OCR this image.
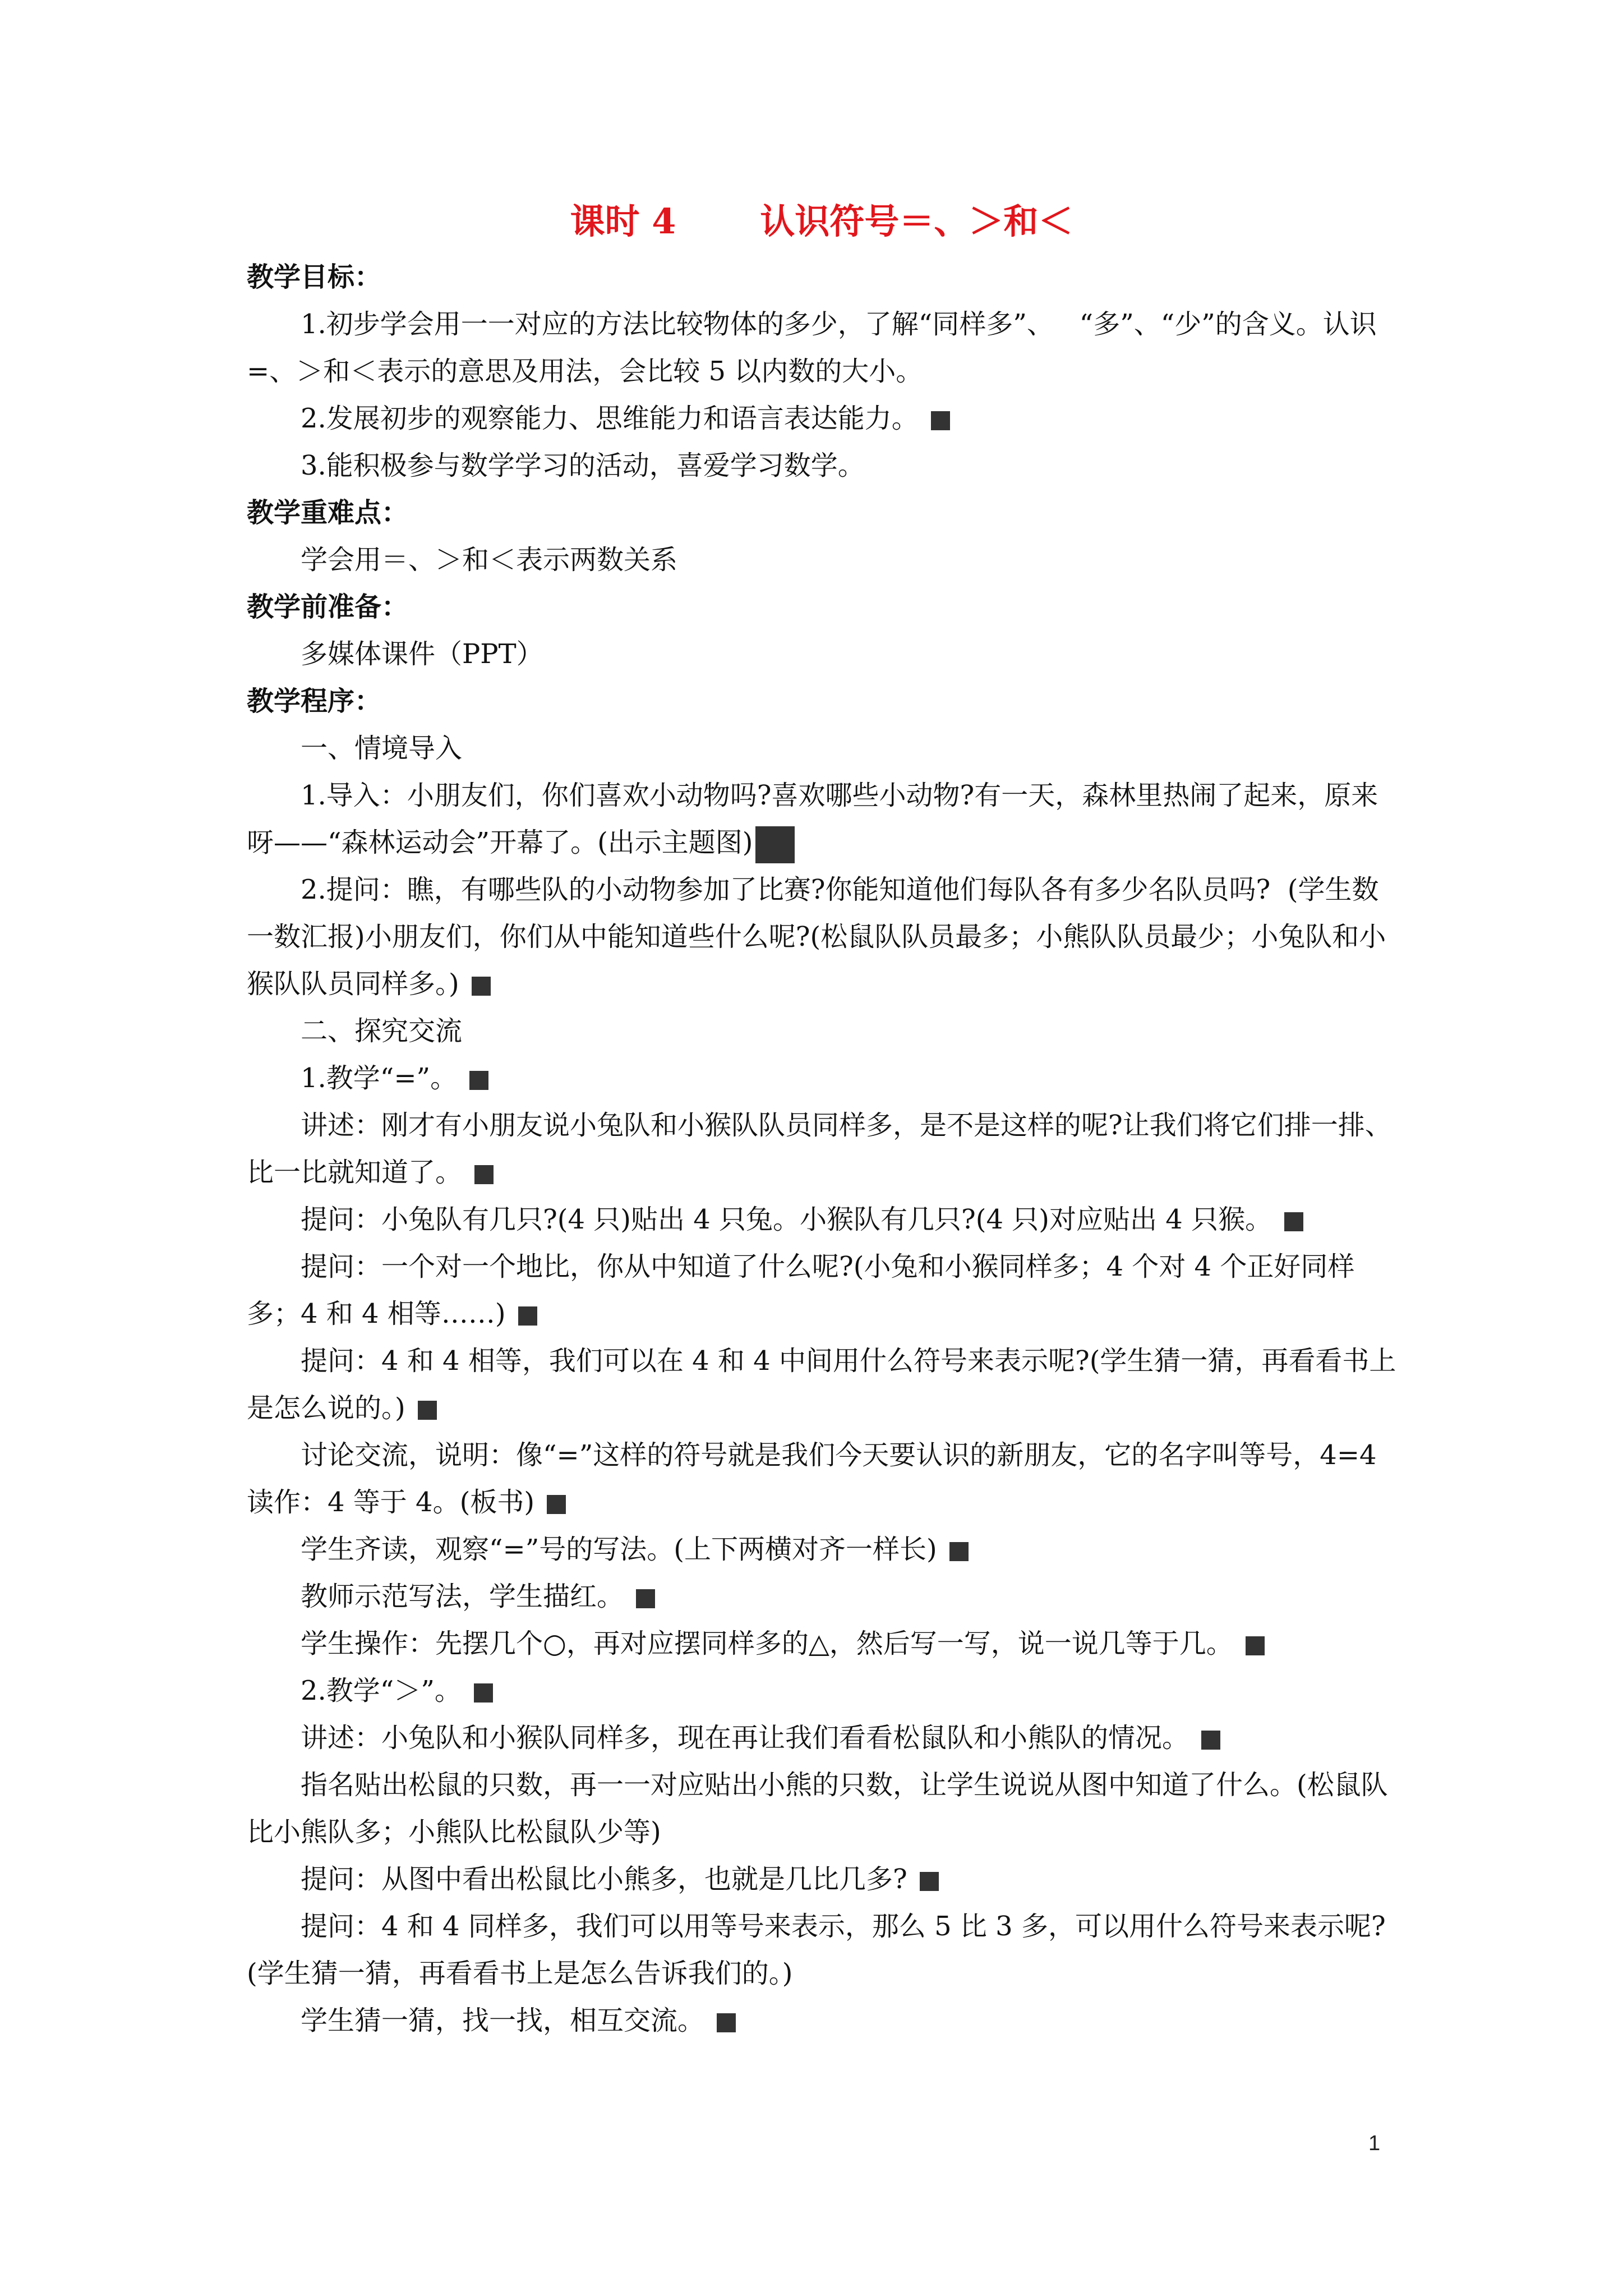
课时 4 认识符号＝、＞和＜

教学目标：

1.初步学会用一一对应的方法比较物体的多少，了解“同样多”、   “多”、“少”的含义。认识=、＞和＜表示的意思及用法，会比较 5 以内数的大小。

2.发展初步的观察能力、思维能力和语言表达能力。

3.能积极参与数学学习的活动，喜爱学习数学。

教学重难点：

学会用＝、＞和＜表示两数关系

教学前准备：

多媒体课件（PPT）

教学程序：

一、情境导入

1.导入：小朋友们，你们喜欢小动物吗?喜欢哪些小动物?有一天，森林里热闹了起来，原来呀——“森林运动会”开幕了。(出示主题图)

2.提问：瞧，有哪些队的小动物参加了比赛?你能知道他们每队各有多少名队员吗?  (学生数一数汇报)小朋友们，你们从中能知道些什么呢?(松鼠队队员最多；小熊队队员最少；小兔队和小猴队队员同样多。)

二、探究交流

1.教学“=”。

讲述：刚才有小朋友说小兔队和小猴队队员同样多，是不是这样的呢?让我们将它们排一排、比一比就知道了。

提问：小兔队有几只?(4 只)贴出 4 只兔。小猴队有几只?(4 只)对应贴出 4 只猴。

提问：一个对一个地比，你从中知道了什么呢?(小兔和小猴同样多；4 个对 4 个正好同样多；4 和 4 相等……)

提问：4 和 4 相等，我们可以在 4 和 4 中间用什么符号来表示呢?(学生猜一猜，再看看书上是怎么说的。)

讨论交流，说明：像“=”这样的符号就是我们今天要认识的新朋友，它的名字叫等号，4=4 读作：4 等于 4。(板书)

学生齐读，观察“=”号的写法。(上下两横对齐一样长)

教师示范写法，学生描红。

学生操作：先摆几个○，再对应摆同样多的△，然后写一写，说一说几等于几。

2.教学“＞”。

讲述：小兔队和小猴队同样多，现在再让我们看看松鼠队和小熊队的情况。

指名贴出松鼠的只数，再一一对应贴出小熊的只数，让学生说说从图中知道了什么。(松鼠队比小熊队多；小熊队比松鼠队少等)

提问：从图中看出松鼠比小熊多，也就是几比几多?

提问：4 和 4 同样多，我们可以用等号来表示，那么 5 比 3 多，可以用什么符号来表示呢?(学生猜一猜，再看看书上是怎么告诉我们的。)

学生猜一猜，找一找，相互交流。

1
